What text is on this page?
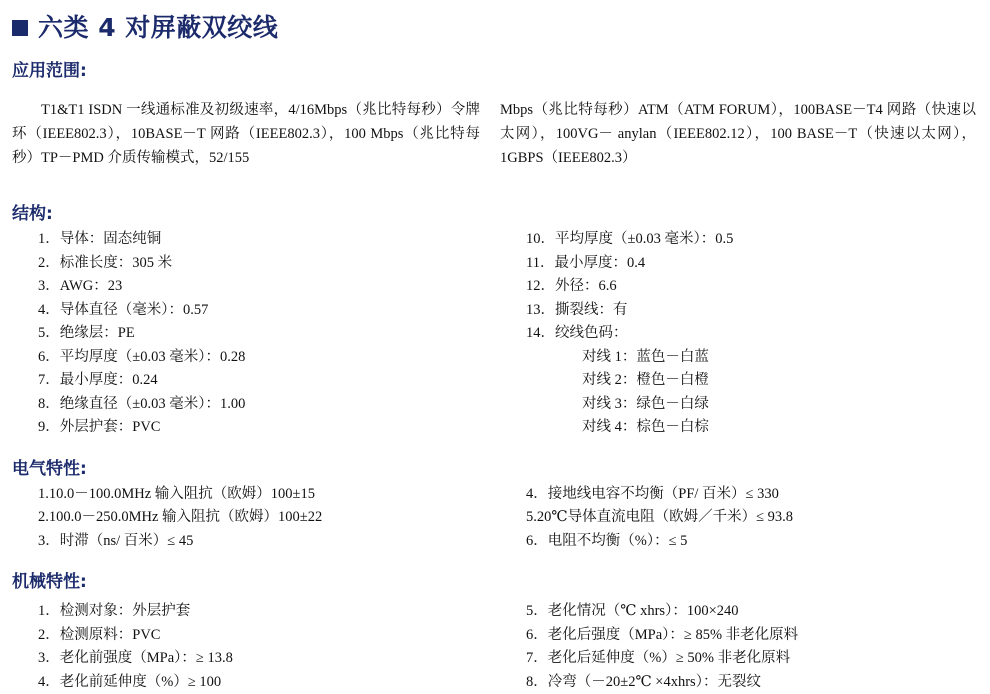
六类 4 对屏蔽双绞线
应用范围:

T1&T1 ISDN 一线通标准及初级速率，4/16Mbps（兆比特每秒）令牌环（IEEE802.3），10BASE－T 网路（IEEE802.3），100 Mbps（兆比特每秒）TP－PMD 介质传输模式，52/155

Mbps（兆比特每秒）ATM（ATM FORUM），100BASE－T4 网路（快速以太网），100VG－ anylan（IEEE802.12），100 BASE－T（快速以太网），1GBPS（IEEE802.3）

结构:
1．导体：固态纯铜
2．标准长度：305 米
3．AWG：23
4．导体直径（毫米）：0.57
5．绝缘层：PE
6．平均厚度（±0.03 毫米）：0.28
7．最小厚度：0.24
8．绝缘直径（±0.03 毫米）：1.00
9．外层护套：PVC
10．平均厚度（±0.03 毫米）：0.5
11．最小厚度：0.4
12．外径：6.6
13．撕裂线：有
14．绞线色码：
对线 1：蓝色－白蓝
对线 2：橙色－白橙
对线 3：绿色－白绿
对线 4：棕色－白棕
电气特性:
1.10.0－100.0MHz 输入阻抗（欧姆）100±15
2.100.0－250.0MHz 输入阻抗（欧姆）100±22
3．时滞（ns/ 百米）≤ 45
4．接地线电容不均衡（PF/ 百米）≤ 330
5.20℃导体直流电阻（欧姆／千米）≤ 93.8
6．电阻不均衡（%）：≤ 5
机械特性:
1．检测对象：外层护套
2．检测原料：PVC
3．老化前强度（MPa）：≥ 13.8
4．老化前延伸度（%）≥ 100
5．老化情况（℃ xhrs）：100×240
6．老化后强度（MPa）：≥ 85% 非老化原料
7．老化后延伸度（%）≥ 50% 非老化原料
8．冷弯（－20±2℃ ×4xhrs）：无裂纹
